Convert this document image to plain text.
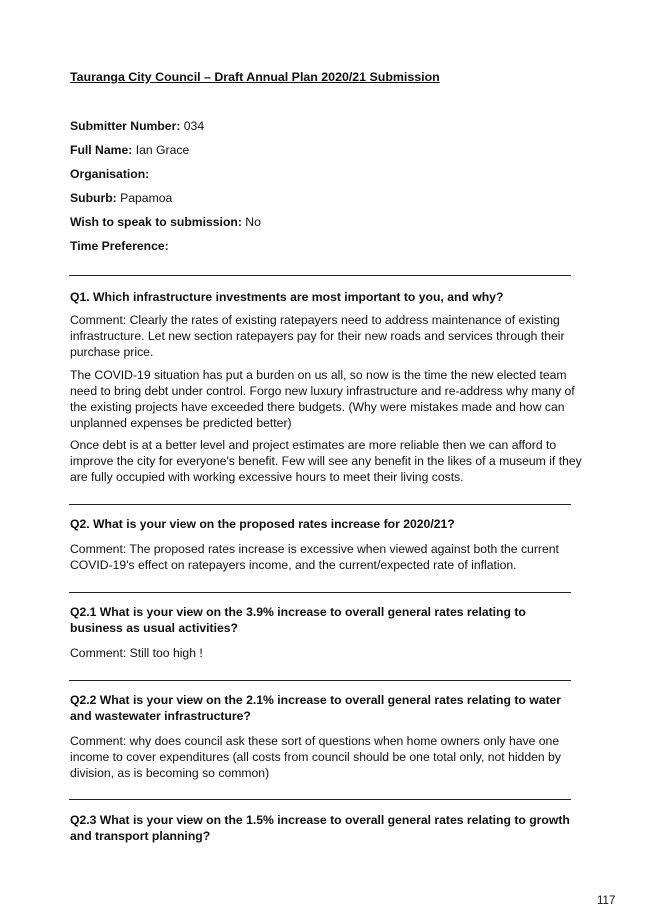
Tauranga City Council – Draft Annual Plan 2020/21 Submission
Submitter Number: 034
Full Name: Ian Grace
Organisation:
Suburb: Papamoa
Wish to speak to submission: No
Time Preference:
Q1. Which infrastructure investments are most important to you, and why?
Comment: Clearly the rates of existing ratepayers need to address maintenance of existing infrastructure. Let new section ratepayers pay for their new roads and services through their purchase price.
The COVID-19 situation has put a burden on us all, so now is the time the new elected team need to bring debt under control. Forgo new luxury infrastructure and re-address why many of the existing projects have exceeded there budgets. (Why were mistakes made and how can unplanned expenses be predicted better)
Once debt is at a better level and project estimates are more reliable then we can afford to improve the city for everyone's benefit. Few will see any benefit in the likes of a museum if they are fully occupied with working excessive hours to meet their living costs.
Q2. What is your view on the proposed rates increase for 2020/21?
Comment: The proposed rates increase is excessive when viewed against both the current COVID-19's effect on ratepayers income, and the current/expected rate of inflation.
Q2.1 What is your view on the 3.9% increase to overall general rates relating to business as usual activities?
Comment: Still too high !
Q2.2 What is your view on the 2.1% increase to overall general rates relating to water and wastewater infrastructure?
Comment: why does council ask these sort of questions when home owners only have one income to cover expenditures (all costs from council should be one total only, not hidden by division, as is becoming so common)
Q2.3 What is your view on the 1.5% increase to overall general rates relating to growth and transport planning?
117
